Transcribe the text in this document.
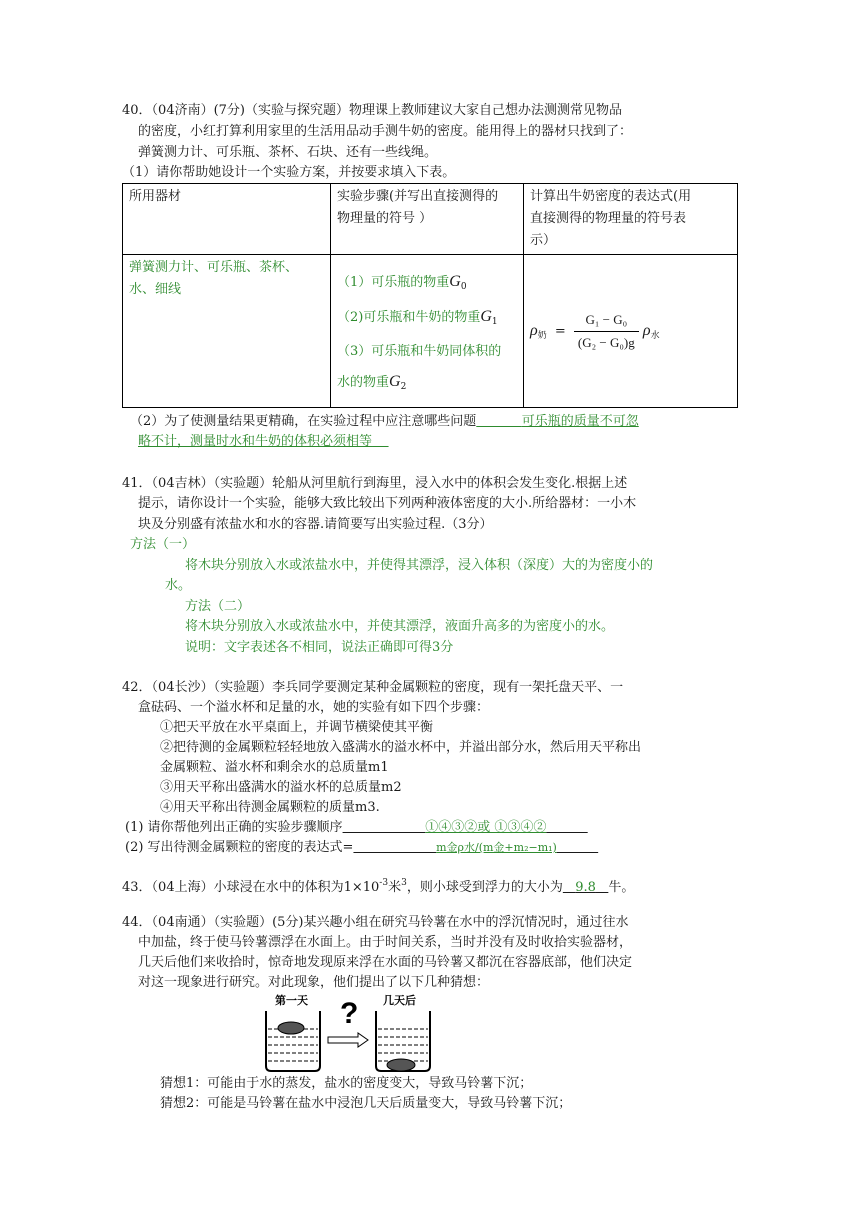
40．（04济南）(7分)（实验与探究题）物理课上教师建议大家自己想办法测测常见物品
的密度，小红打算利用家里的生活用品动手测牛奶的密度。能用得上的器材只找到了：
弹簧测力计、可乐瓶、茶杯、石块、还有一些线绳。
（1）请你帮助她设计一个实验方案，并按要求填入下表。
所用器材	实验步骤(并写出直接测得的
物理量的符号 ）	计算出牛奶密度的表达式(用
直接测得的物理量的符号表
示）
弹簧测力计、可乐瓶、茶杯、
水、细线	（1）可乐瓶的物重$G_0$
（2)可乐瓶和牛奶的物重$G_1$
（3）可乐瓶和牛奶同体积的
水的物重$G_2$	$\rho_奶 = \frac{\text{G₁ − G₀}}{\text{(G₂ − G₀)g}} \rho_水$
（2）为了使测量结果更精确，在实验过程中应注意哪些问题	可乐瓶的质量不可忽
略不计，测量时水和牛奶的体积必须相等
41．（04吉林）（实验题）轮船从河里航行到海里，浸入水中的体积会发生变化.根据上述
提示，请你设计一个实验，能够大致比较出下列两种液体密度的大小.所给器材：一小木
块及分别盛有浓盐水和水的容器.请简要写出实验过程.（3分）
方法（一）
将木块分别放入水或浓盐水中，并使得其漂浮，浸入体积（深度）大的为密度小的
水。
方法（二）
将木块分别放入水或浓盐水中，并使其漂浮，液面升高多的为密度小的水。
说明：文字表述各不相同，说法正确即可得3分
42．（04长沙）（实验题）李兵同学要测定某种金属颗粒的密度，现有一架托盘天平、一
盒砝码、一个溢水杯和足量的水，她的实验有如下四个步骤：
①把天平放在水平桌面上，并调节横梁使其平衡
②把待测的金属颗粒轻轻地放入盛满水的溢水杯中，并溢出部分水，然后用天平称出
金属颗粒、溢水杯和剩余水的总质量m1
③用天平称出盛满水的溢水杯的总质量m2
④用天平称出待测金属颗粒的质量m3.
(1) 请你帮他列出正确的实验步骤顺序	①④③②或 ①③④②
(2) 写出待测金属颗粒的密度的表达式=	m金ρ水/(m金+m₂−m₁)
43．（04上海）小球浸在水中的体积为$1\times 10^{-3}$米$^3$，则小球受到浮力的大小为 9.8 牛。
44．（04南通）（实验题）(5分)某兴趣小组在研究马铃薯在水中的浮沉情况时，通过往水
中加盐，终于使马铃薯漂浮在水面上。由于时间关系，当时并没有及时收拾实验器材，
几天后他们来收拾时，惊奇地发现原来浮在水面的马铃薯又都沉在容器底部，他们决定
对这一现象进行研究。对此现象，他们提出了以下几种猜想：
第一天	几天后
?
猜想1：可能由于水的蒸发，盐水的密度变大，导致马铃薯下沉；
猜想2：可能是马铃薯在盐水中浸泡几天后质量变大，导致马铃薯下沉；
